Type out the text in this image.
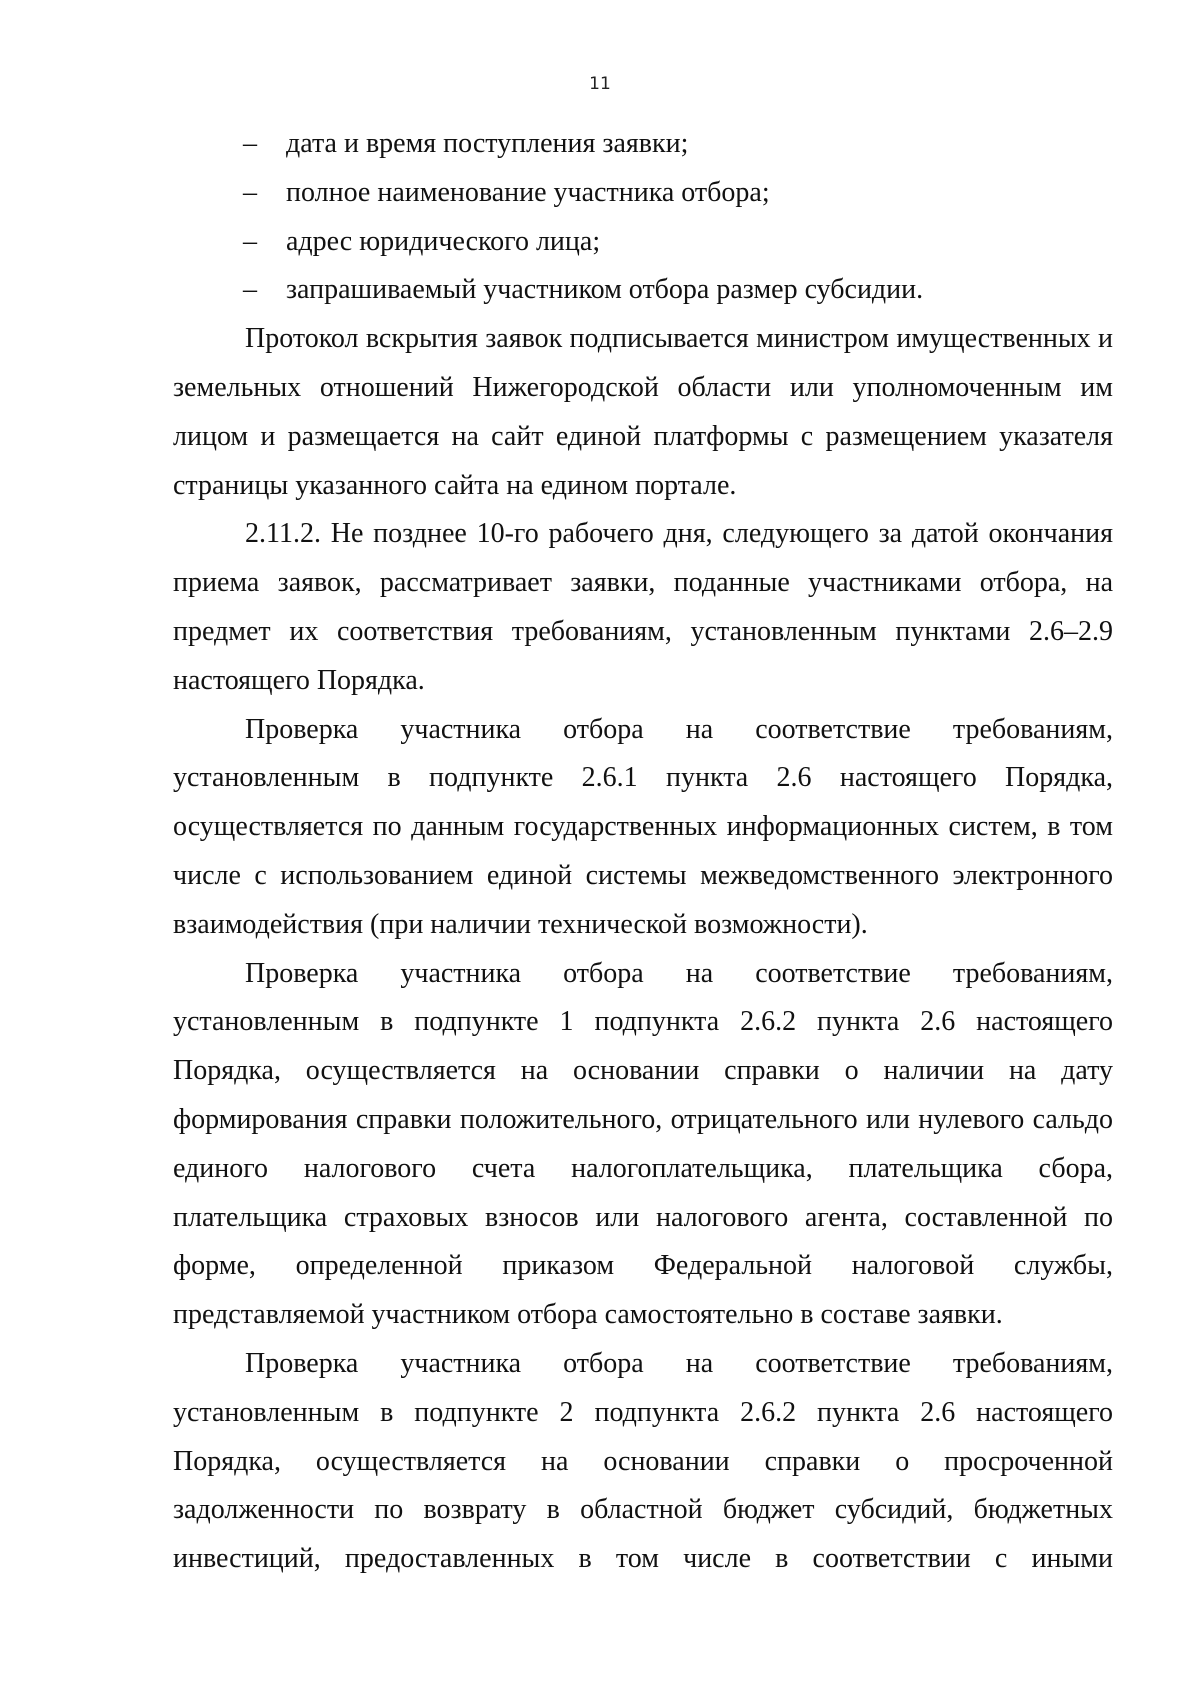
11
– дата и время поступления заявки;
– полное наименование участника отбора;
– адрес юридического лица;
– запрашиваемый участником отбора размер субсидии.

Протокол вскрытия заявок подписывается министром имущественных и земельных отношений Нижегородской области или уполномоченным им лицом и размещается на сайт единой платформы с размещением указателя страницы указанного сайта на едином портале.

2.11.2. Не позднее 10-го рабочего дня, следующего за датой окончания приема заявок, рассматривает заявки, поданные участниками отбора, на предмет их соответствия требованиям, установленным пунктами 2.6–2.9 настоящего Порядка.

Проверка участника отбора на соответствие требованиям, установленным в подпункте 2.6.1 пункта 2.6 настоящего Порядка, осуществляется по данным государственных информационных систем, в том числе с использованием единой системы межведомственного электронного взаимодействия (при наличии технической возможности).

Проверка участника отбора на соответствие требованиям, установленным в подпункте 1 подпункта 2.6.2 пункта 2.6 настоящего Порядка, осуществляется на основании справки о наличии на дату формирования справки положительного, отрицательного или нулевого сальдо единого налогового счета налогоплательщика, плательщика сбора, плательщика страховых взносов или налогового агента, составленной по форме, определенной приказом Федеральной налоговой службы, представляемой участником отбора самостоятельно в составе заявки.

Проверка участника отбора на соответствие требованиям, установленным в подпункте 2 подпункта 2.6.2 пункта 2.6 настоящего Порядка, осуществляется на основании справки о просроченной задолженности по возврату в областной бюджет субсидий, бюджетных инвестиций, предоставленных в том числе в соответствии с иными
